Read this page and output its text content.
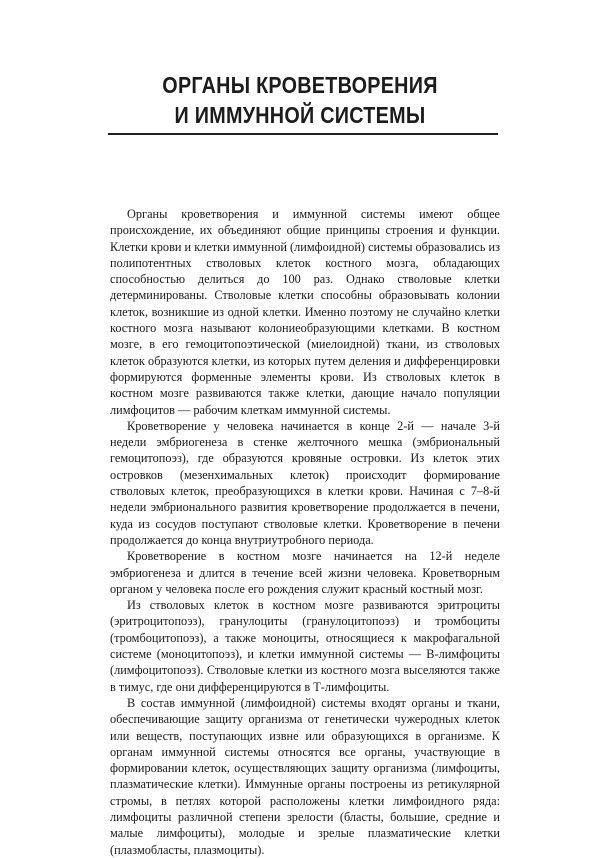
ОРГАНЫ КРОВЕТВОРЕНИЯ
И ИММУННОЙ СИСТЕМЫ

Органы кроветворения и иммунной системы имеют общее происхождение, их объединяют общие принципы строения и функции. Клетки крови и клетки иммунной (лимфоидной) системы образовались из полипотентных стволовых клеток костного мозга, обладающих способностью делиться до 100 раз. Однако стволовые клетки детерминированы. Стволовые клетки способны образовывать колонии клеток, возникшие из одной клетки. Именно поэтому не случайно клетки костного мозга называют колониеобразующими клетками. В костном мозге, в его гемоцитопоэтической (миелоидной) ткани, из стволовых клеток образуются клетки, из которых путем деления и дифференцировки формируются форменные элементы крови. Из стволовых клеток в костном мозге развиваются также клетки, дающие начало популяции лимфоцитов — рабочим клеткам иммунной системы.

Кроветворение у человека начинается в конце 2-й — начале 3-й недели эмбриогенеза в стенке желточного мешка (эмбриональный гемоцитопоэз), где образуются кровяные островки. Из клеток этих островков (мезенхимальных клеток) происходит формирование стволовых клеток, преобразующихся в клетки крови. Начиная с 7–8-й недели эмбрионального развития кроветворение продолжается в печени, куда из сосудов поступают стволовые клетки. Кроветворение в печени продолжается до конца внутриутробного периода.

Кроветворение в костном мозге начинается на 12-й неделе эмбриогенеза и длится в течение всей жизни человека. Кроветворным органом у человека после его рождения служит красный костный мозг.

Из стволовых клеток в костном мозге развиваются эритроциты (эритроцитопоэз), гранулоциты (гранулоцитопоэз) и тромбоциты (тромбоцитопоэз), а также моноциты, относящиеся к макрофагальной системе (моноцитопоэз), и клетки иммунной системы — В-лимфоциты (лимфоцитопоэз). Стволовые клетки из костного мозга выселяются также в тимус, где они дифференцируются в Т-лимфоциты.

В состав иммунной (лимфоидной) системы входят органы и ткани, обеспечивающие защиту организма от генетически чужеродных клеток или веществ, поступающих извне или образующихся в организме. К органам иммунной системы относятся все органы, участвующие в формировании клеток, осуществляющих защиту организма (лимфоциты, плазматические клетки). Иммунные органы построены из ретикулярной стромы, в петлях которой расположены клетки лимфоидного ряда: лимфоциты различной степени зрелости (бласты, большие, средние и малые лимфоциты), молодые и зрелые плазматические клетки (плазмобласты, плазмоциты).
